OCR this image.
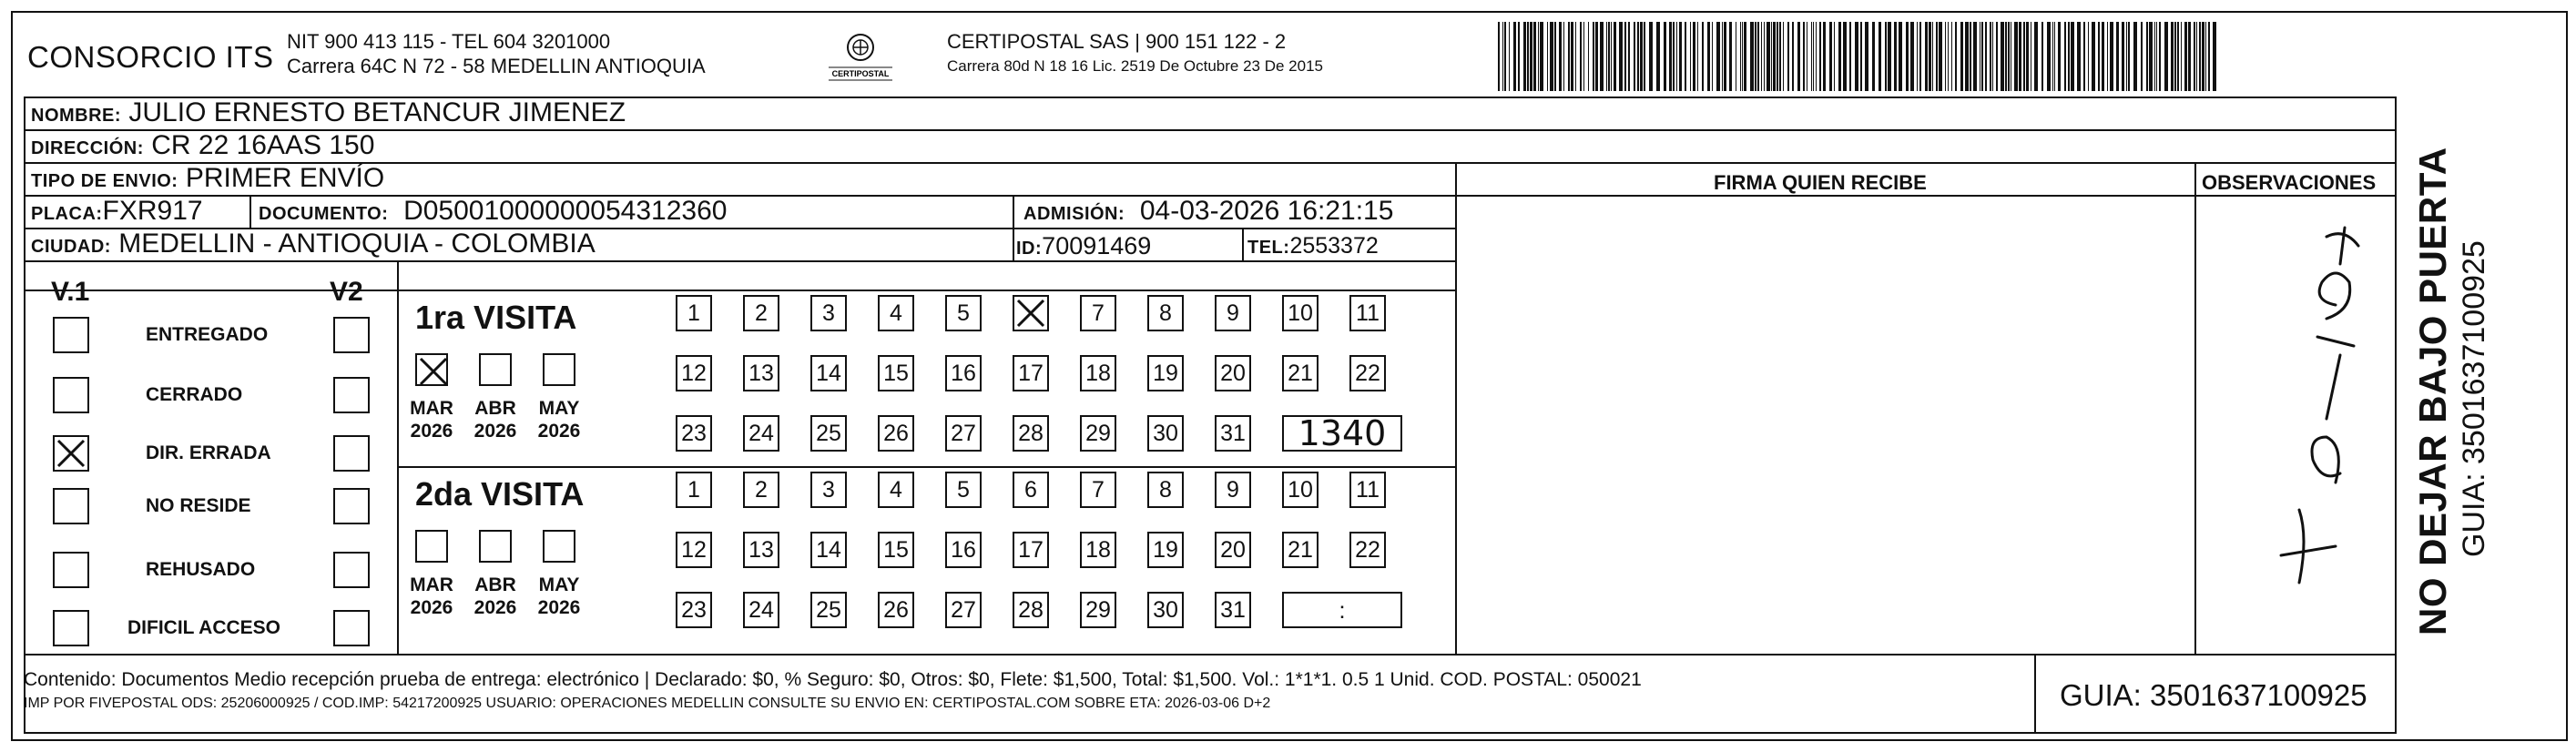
CONSORCIO ITS NIT 900 413 115 - TEL 604 3201000
Carrera 64C N 72 - 58 MEDELLIN ANTIOQUIA	CERTIPOSTAL
CERTIPOSTAL SAS | 900 151 122 - 2
Carrera 80d N 18 16 Lic. 2519 De Octubre 23 De 2015
NOMBRE: JULIO ERNESTO BETANCUR JIMENEZ
DIRECCIÓN: CR 22 16AAS 150
TIPO DE ENVIO: PRIMER ENVÍO
PLACA:FXR917	DOCUMENTO: D05001000000054312360	ADMISIÓN: 04-03-2026 16:21:15
CIUDAD: MEDELLIN - ANTIOQUIA - COLOMBIA	ID:70091469	TEL:2553372
FIRMA QUIEN RECIBE	OBSERVACIONES
V.1	V2
ENTREGADO
CERRADO
DIR. ERRADA
NO RESIDE
REHUSADO
DIFICIL ACCESO
1ra VISITA
MAR
2026
ABR
2026
MAY
2026
1	2	3	4	5	7	8	9	10 11
12 13 14 15 16 17 18 19 20 21 22
23 24 25 26 27 28 29 30 31	1340
2da VISITA
MAR
2026
ABR
2026
MAY
2026
1	2	3	4	5	6	7	8	9	10 11
12 13 14 15 16 17 18 19 20 21 22
23 24 25 26 27 28 29 30 31	:	NO DEJAR BAJO PUERTA GUIA: 3501637100925
Contenido: Documentos Medio recepción prueba de entrega: electrónico | Declarado: $0, % Seguro: $0, Otros: $0, Flete: $1,500, Total: $1,500. Vol.: 1*1*1. 0.5 1 Unid. COD. POSTAL: 050021
IMP POR FIVEPOSTAL ODS: 25206000925 / COD.IMP: 54217200925 USUARIO: OPERACIONES MEDELLIN CONSULTE SU ENVIO EN: CERTIPOSTAL.COM SOBRE ETA: 2026-03-06 D+2	GUIA: 3501637100925
